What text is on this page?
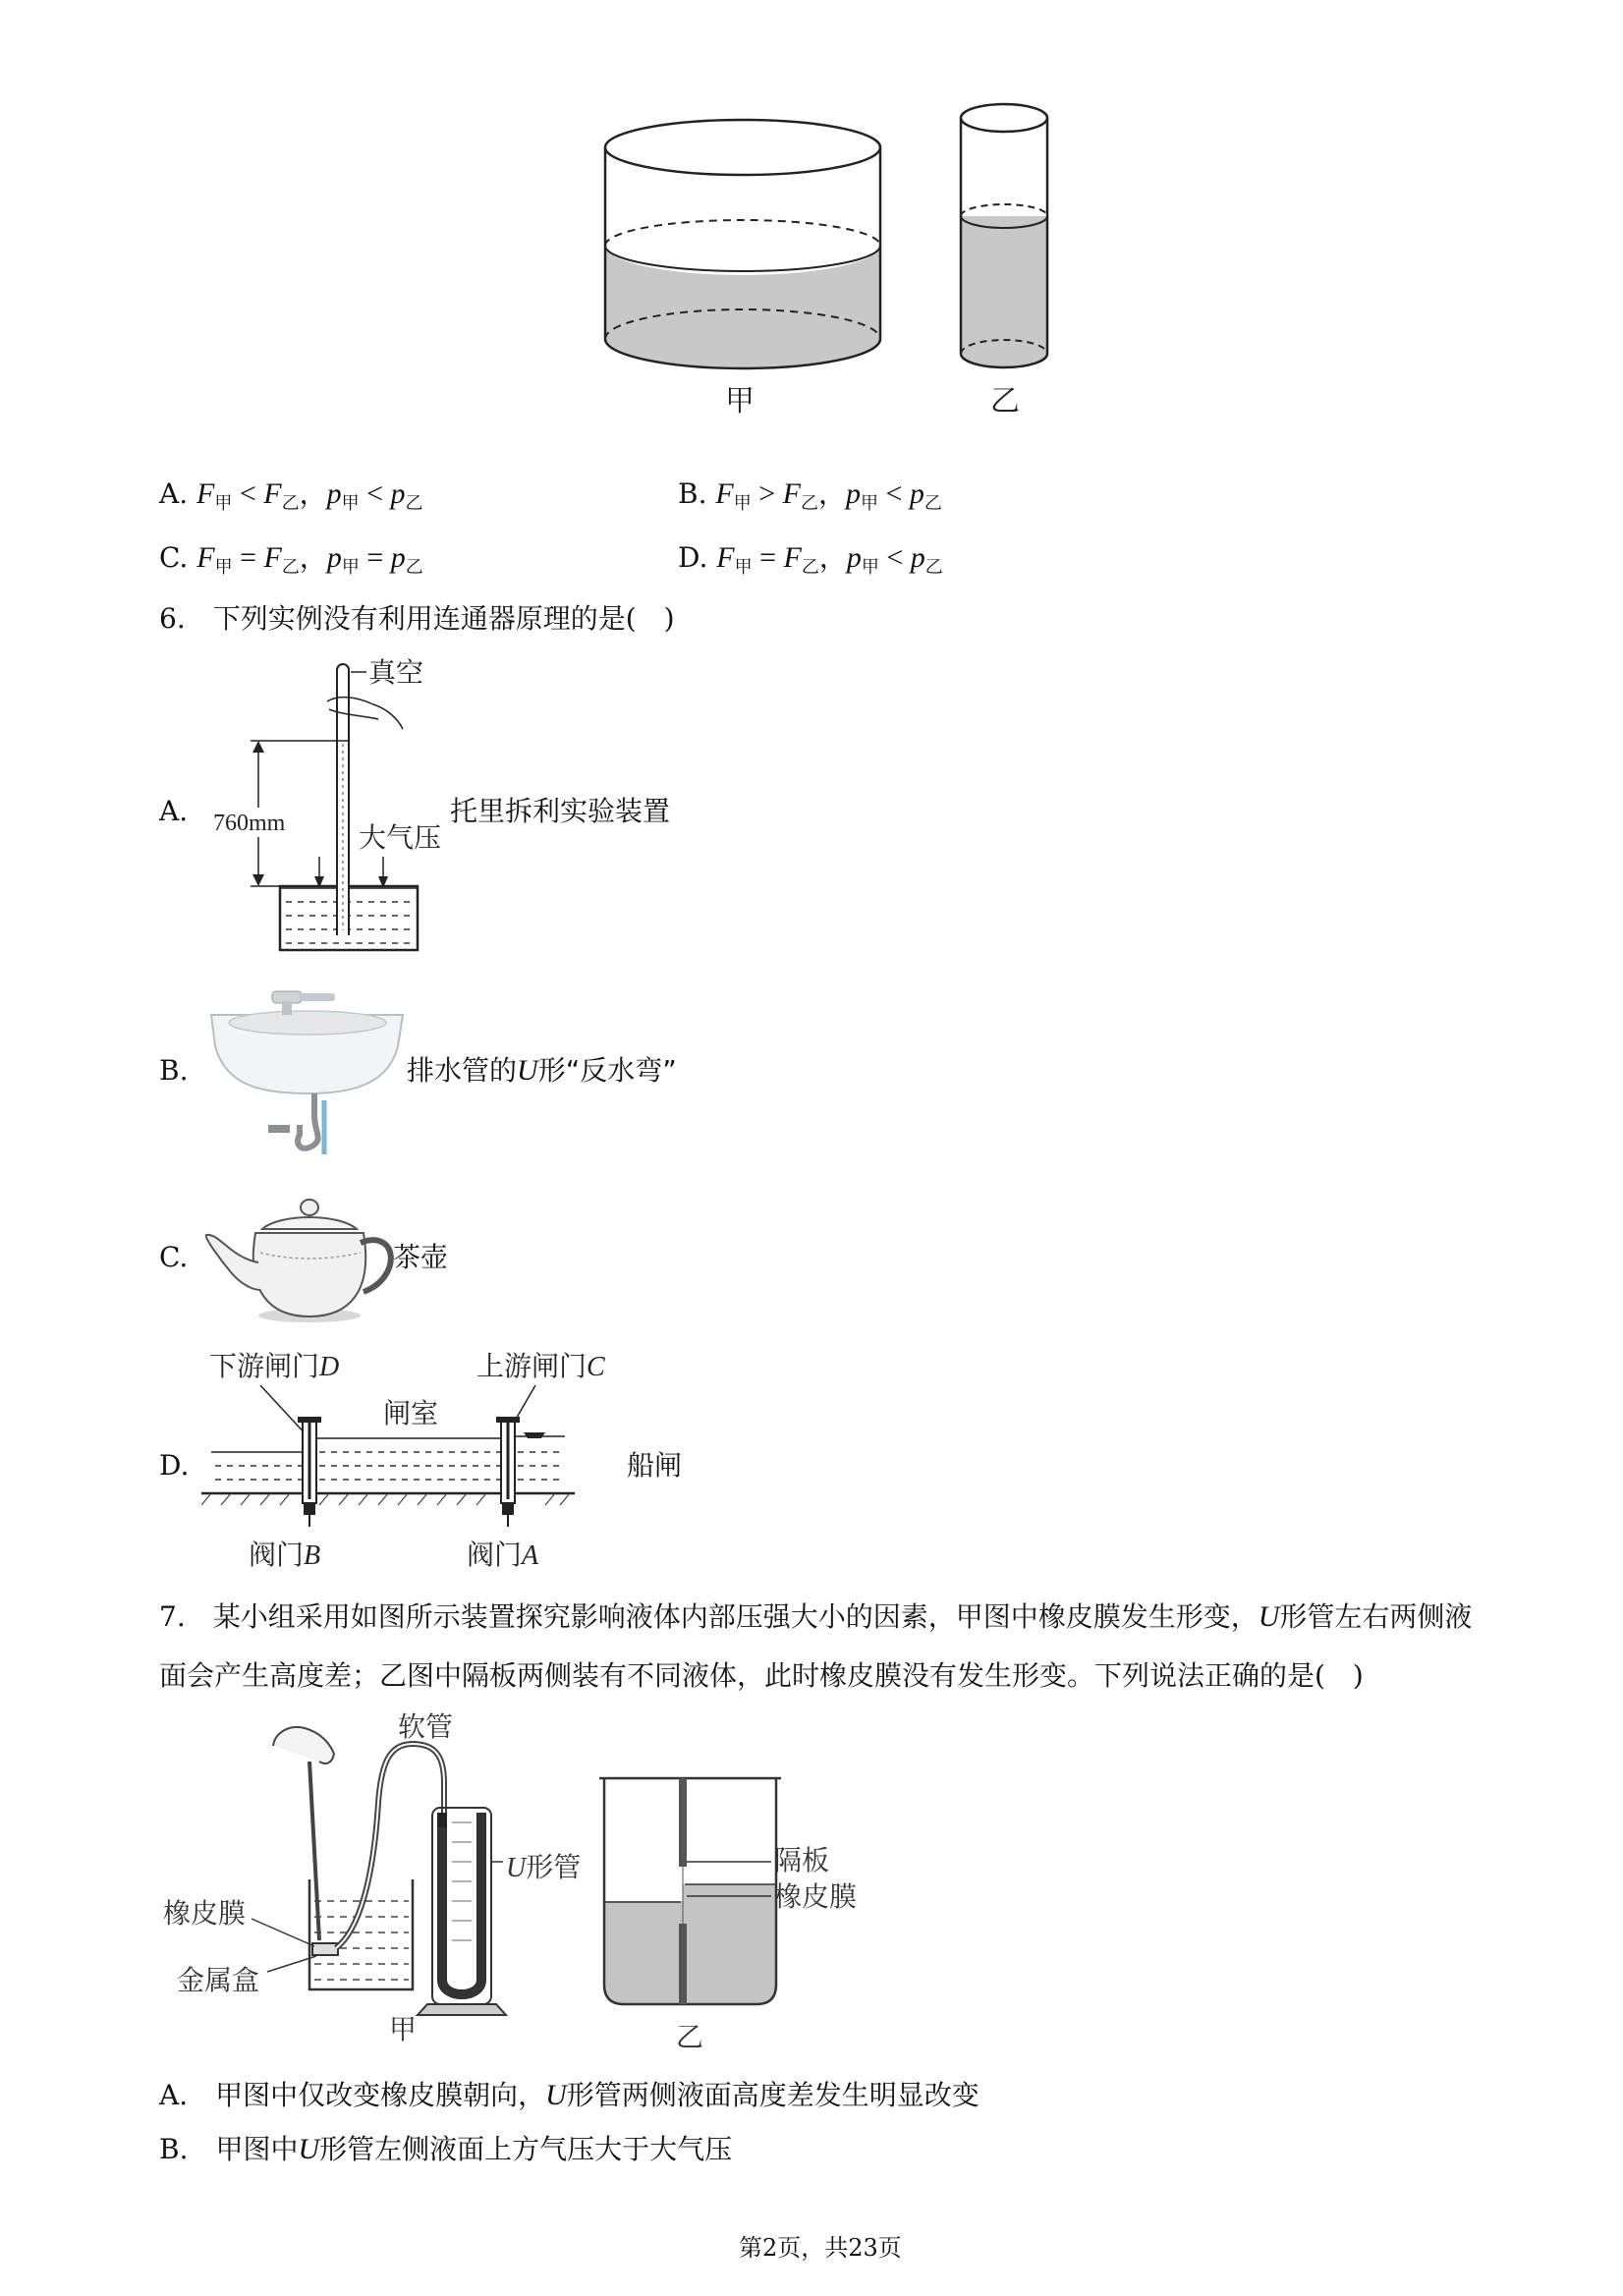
甲	乙
A. $F_甲 < F_乙$，$p_甲 < p_乙$	B. $F_甲 > F_乙$，$p_甲 < p_乙$
C. $F_甲 = F_乙$，$p_甲 = p_乙$	D. $F_甲 = F_乙$，$p_甲 < p_乙$
6.　下列实例没有利用连通器原理的是(　)
A.
真空
760mm	大气压
托里拆利实验装置
B.	排水管的U形“反水弯”
C.	茶壶
D.
下游闸门D	上游闸门C
闸室
阀门B	阀门A
船闸
7.　某小组采用如图所示装置探究影响液体内部压强大小的因素，甲图中橡皮膜发生形变，U形管左右两侧液
面会产生高度差；乙图中隔板两侧装有不同液体，此时橡皮膜没有发生形变。下列说法正确的是(　)
软管
U形管
橡皮膜
金属盒
甲
隔板
橡皮膜
乙
A.　甲图中仅改变橡皮膜朝向，U形管两侧液面高度差发生明显改变
B.　甲图中U形管左侧液面上方气压大于大气压
第2页，共23页
